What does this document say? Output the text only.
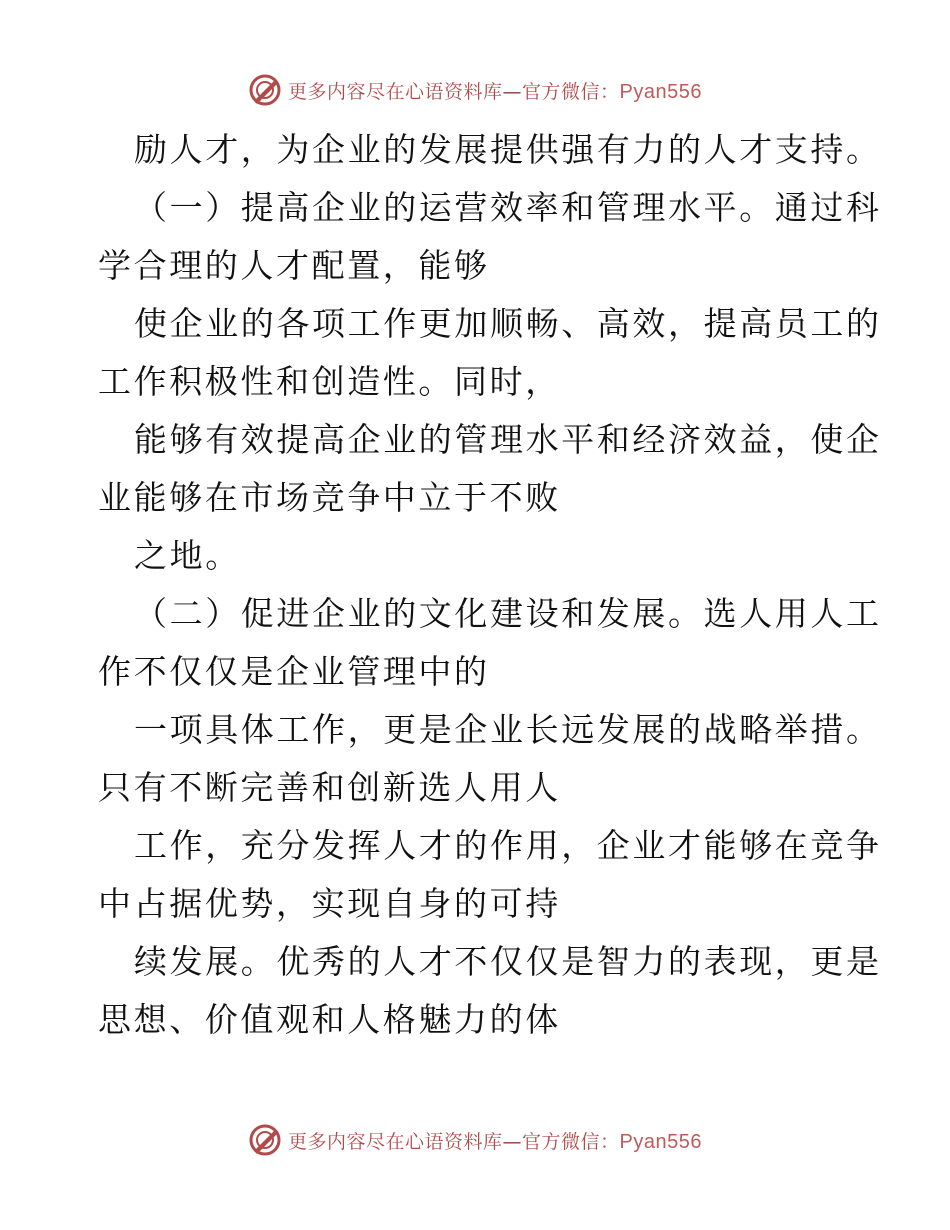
更多内容尽在心语资料库—官方微信：Pyan556
励人才，为企业的发展提供强有力的人才支持。
（一）提高企业的运营效率和管理水平。通过科
学合理的人才配置，能够
使企业的各项工作更加顺畅、高效，提高员工的
工作积极性和创造性。同时，
能够有效提高企业的管理水平和经济效益，使企
业能够在市场竞争中立于不败
之地。
（二）促进企业的文化建设和发展。选人用人工
作不仅仅是企业管理中的
一项具体工作，更是企业长远发展的战略举措。
只有不断完善和创新选人用人
工作，充分发挥人才的作用，企业才能够在竞争
中占据优势，实现自身的可持
续发展。优秀的人才不仅仅是智力的表现，更是
思想、价值观和人格魅力的体
更多内容尽在心语资料库—官方微信：Pyan556
